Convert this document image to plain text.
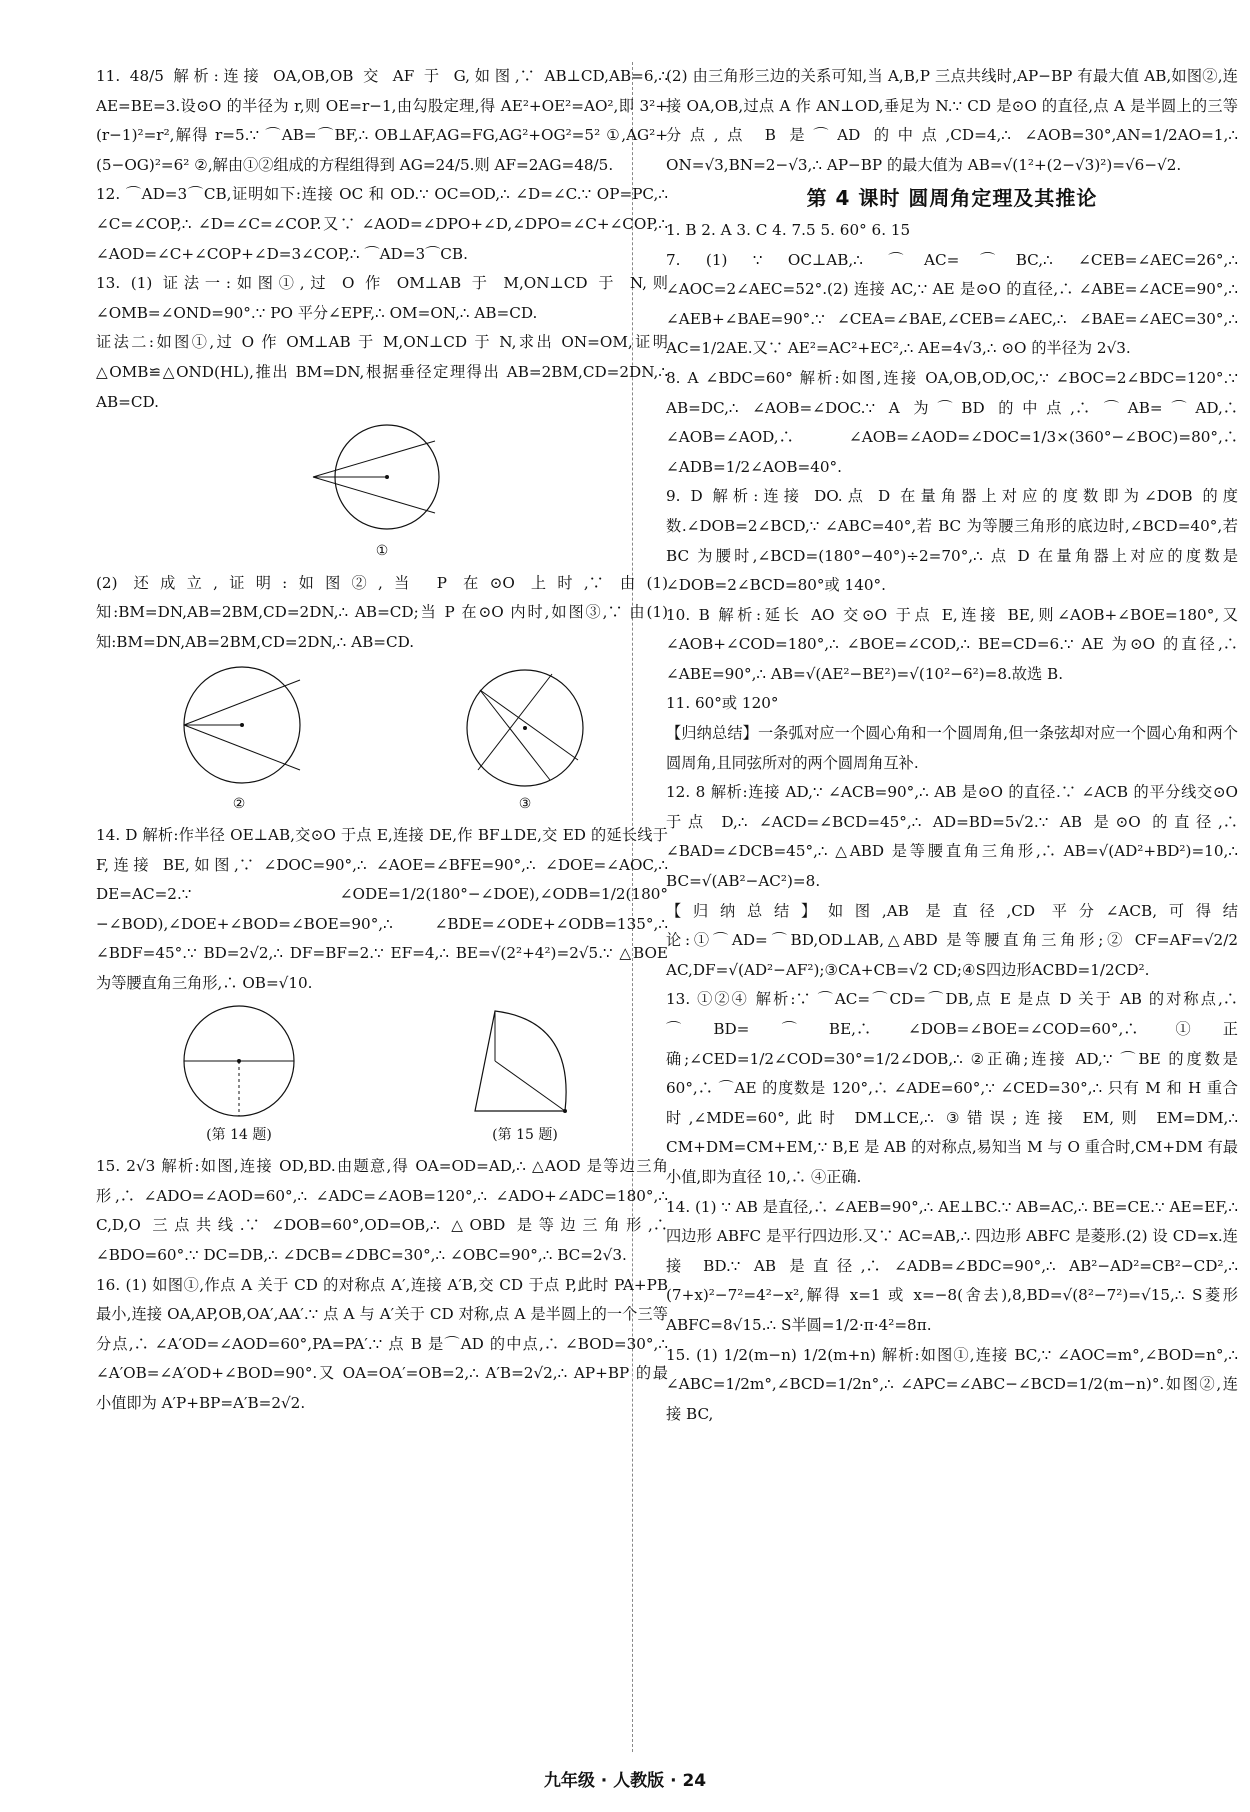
11. 48/5 解析:连接 OA,OB,OB 交 AF 于 G,如图,∵ AB⊥CD,AB=6,∴ AE=BE=3.设⊙O 的半径为 r,则 OE=r−1,由勾股定理,得 AE²+OE²=AO²,即 3²+(r−1)²=r²,解得 r=5.∵ ⌒AB=⌒BF,∴ OB⊥AF,AG=FG,AG²+OG²=5² ①,AG²+(5−OG)²=6² ②,解由①②组成的方程组得到 AG=24/5.则 AF=2AG=48/5.

12. ⌒AD=3⌒CB,证明如下:连接 OC 和 OD.∵ OC=OD,∴ ∠D=∠C.∵ OP=PC,∴ ∠C=∠COP,∴ ∠D=∠C=∠COP.又∵ ∠AOD=∠DPO+∠D,∠DPO=∠C+∠COP,∴ ∠AOD=∠C+∠COP+∠D=3∠COP,∴ ⌒AD=3⌒CB.

13. (1) 证法一:如图①,过 O 作 OM⊥AB 于 M,ON⊥CD 于 N,则∠OMB=∠OND=90°.∵ PO 平分∠EPF,∴ OM=ON,∴ AB=CD.

证法二:如图①,过 O 作 OM⊥AB 于 M,ON⊥CD 于 N,求出 ON=OM,证明△OMB≌△OND(HL),推出 BM=DN,根据垂径定理得出 AB=2BM,CD=2DN,∴ AB=CD.

①

(2) 还成立,证明:如图②,当 P 在⊙O 上时,∵ 由(1)知:BM=DN,AB=2BM,CD=2DN,∴ AB=CD;当 P 在⊙O 内时,如图③,∵ 由(1)知:BM=DN,AB=2BM,CD=2DN,∴ AB=CD.

②	③

14. D 解析:作半径 OE⊥AB,交⊙O 于点 E,连接 DE,作 BF⊥DE,交 ED 的延长线于 F,连接 BE,如图,∵ ∠DOC=90°,∴ ∠AOE=∠BFE=90°,∴ ∠DOE=∠AOC,∴ DE=AC=2.∵ ∠ODE=1/2(180°−∠DOE),∠ODB=1/2(180°−∠BOD),∠DOE+∠BOD=∠BOE=90°,∴ ∠BDE=∠ODE+∠ODB=135°,∴ ∠BDF=45°.∵ BD=2√2,∴ DF=BF=2.∵ EF=4,∴ BE=√(2²+4²)=2√5.∵ △BOE 为等腰直角三角形,∴ OB=√10.

(第 14 题)	(第 15 题)

15. 2√3 解析:如图,连接 OD,BD.由题意,得 OA=OD=AD,∴ △AOD 是等边三角形,∴ ∠ADO=∠AOD=60°,∴ ∠ADC=∠AOB=120°,∴ ∠ADO+∠ADC=180°,∴ C,D,O 三点共线.∵ ∠DOB=60°,OD=OB,∴ △OBD 是等边三角形,∴ ∠BDO=60°.∵ DC=DB,∴ ∠DCB=∠DBC=30°,∴ ∠OBC=90°,∴ BC=2√3.

16. (1) 如图①,作点 A 关于 CD 的对称点 A′,连接 A′B,交 CD 于点 P,此时 PA+PB 最小,连接 OA,AP,OB,OA′,AA′.∵ 点 A 与 A′关于 CD 对称,点 A 是半圆上的一个三等分点,∴ ∠A′OD=∠AOD=60°,PA=PA′.∵ 点 B 是⌒AD 的中点,∴ ∠BOD=30°,∴ ∠A′OB=∠A′OD+∠BOD=90°.又 OA=OA′=OB=2,∴ A′B=2√2,∴ AP+BP 的最小值即为 A′P+BP=A′B=2√2.

(2) 由三角形三边的关系可知,当 A,B,P 三点共线时,AP−BP 有最大值 AB,如图②,连接 OA,OB,过点 A 作 AN⊥OD,垂足为 N.∵ CD 是⊙O 的直径,点 A 是半圆上的三等分点,点 B 是⌒AD 的中点,CD=4,∴ ∠AOB=30°,AN=1/2AO=1,∴ ON=√3,BN=2−√3,∴ AP−BP 的最大值为 AB=√(1²+(2−√3)²)=√6−√2.

第 4 课时 圆周角定理及其推论

1. B 2. A 3. C 4. 7.5 5. 60° 6. 15

7. (1) ∵ OC⊥AB,∴ ⌒AC=⌒BC,∴ ∠CEB=∠AEC=26°,∴ ∠AOC=2∠AEC=52°.(2) 连接 AC,∵ AE 是⊙O 的直径,∴ ∠ABE=∠ACE=90°,∴ ∠AEB+∠BAE=90°.∵ ∠CEA=∠BAE,∠CEB=∠AEC,∴ ∠BAE=∠AEC=30°,∴ AC=1/2AE.又∵ AE²=AC²+EC²,∴ AE=4√3,∴ ⊙O 的半径为 2√3.

8. A ∠BDC=60° 解析:如图,连接 OA,OB,OD,OC,∵ ∠BOC=2∠BDC=120°.∵ AB=DC,∴ ∠AOB=∠DOC.∵ A 为⌒BD 的中点,∴ ⌒AB=⌒AD,∴ ∠AOB=∠AOD,∴ ∠AOB=∠AOD=∠DOC=1/3×(360°−∠BOC)=80°,∴ ∠ADB=1/2∠AOB=40°.

9. D 解析:连接 DO.点 D 在量角器上对应的度数即为∠DOB 的度数.∠DOB=2∠BCD,∵ ∠ABC=40°,若 BC 为等腰三角形的底边时,∠BCD=40°,若 BC 为腰时,∠BCD=(180°−40°)÷2=70°,∴ 点 D 在量角器上对应的度数是∠DOB=2∠BCD=80°或 140°.

10. B 解析:延长 AO 交⊙O 于点 E,连接 BE,则∠AOB+∠BOE=180°,又∠AOB+∠COD=180°,∴ ∠BOE=∠COD,∴ BE=CD=6.∵ AE 为⊙O 的直径,∴ ∠ABE=90°,∴ AB=√(AE²−BE²)=√(10²−6²)=8.故选 B.

11. 60°或 120°

【归纳总结】一条弧对应一个圆心角和一个圆周角,但一条弦却对应一个圆心角和两个圆周角,且同弦所对的两个圆周角互补.

12. 8 解析:连接 AD,∵ ∠ACB=90°,∴ AB 是⊙O 的直径.∵ ∠ACB 的平分线交⊙O 于点 D,∴ ∠ACD=∠BCD=45°,∴ AD=BD=5√2.∵ AB 是⊙O 的直径,∴ ∠BAD=∠DCB=45°,∴ △ABD 是等腰直角三角形,∴ AB=√(AD²+BD²)=10,∴ BC=√(AB²−AC²)=8.

【归纳总结】如图,AB 是直径,CD 平分∠ACB,可得结论:①⌒AD=⌒BD,OD⊥AB,△ABD 是等腰直角三角形;② CF=AF=√2/2 AC,DF=√(AD²−AF²);③CA+CB=√2 CD;④S四边形ACBD=1/2CD².

13. ①②④ 解析:∵ ⌒AC=⌒CD=⌒DB,点 E 是点 D 关于 AB 的对称点,∴ ⌒BD=⌒BE,∴ ∠DOB=∠BOE=∠COD=60°,∴ ①正确;∠CED=1/2∠COD=30°=1/2∠DOB,∴ ②正确;连接 AD,∵ ⌒BE 的度数是 60°,∴ ⌒AE 的度数是 120°,∴ ∠ADE=60°,∵ ∠CED=30°,∴ 只有 M 和 H 重合时,∠MDE=60°,此时 DM⊥CE,∴ ③错误;连接 EM,则 EM=DM,∴ CM+DM=CM+EM,∵ B,E 是 AB 的对称点,易知当 M 与 O 重合时,CM+DM 有最小值,即为直径 10,∴ ④正确.

14. (1) ∵ AB 是直径,∴ ∠AEB=90°,∴ AE⊥BC.∵ AB=AC,∴ BE=CE.∵ AE=EF,∴ 四边形 ABFC 是平行四边形.又∵ AC=AB,∴ 四边形 ABFC 是菱形.(2) 设 CD=x.连接 BD.∵ AB 是直径,∴ ∠ADB=∠BDC=90°,∴ AB²−AD²=CB²−CD²,∴ (7+x)²−7²=4²−x²,解得 x=1 或 x=−8(舍去),8,BD=√(8²−7²)=√15,∴ S菱形ABFC=8√15.∴ S半圆=1/2·π·4²=8π.

15. (1) 1/2(m−n) 1/2(m+n) 解析:如图①,连接 BC,∵ ∠AOC=m°,∠BOD=n°,∴ ∠ABC=1/2m°,∠BCD=1/2n°,∴ ∠APC=∠ABC−∠BCD=1/2(m−n)°.如图②,连接 BC,

九年级 · 人教版 · 24
